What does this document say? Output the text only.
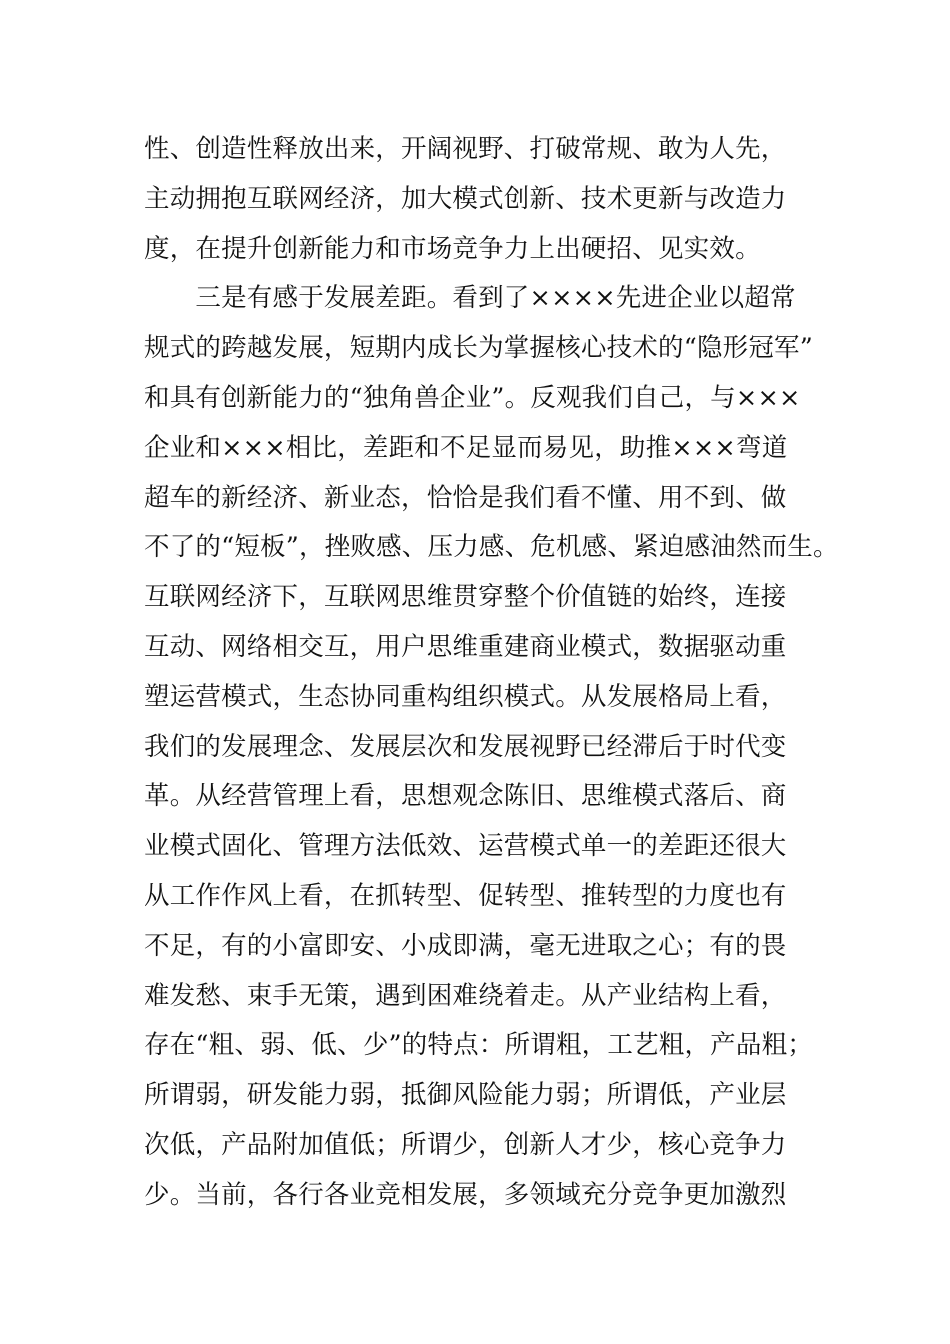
性、创造性释放出来，开阔视野、打破常规、敢为人先，
主动拥抱互联网经济，加大模式创新、技术更新与改造力
度，在提升创新能力和市场竞争力上出硬招、见实效。
　　三是有感于发展差距。看到了××××先进企业以超常
规式的跨越发展，短期内成长为掌握核心技术的“隐形冠军”
和具有创新能力的“独角兽企业”。反观我们自己，与×××
企业和×××相比，差距和不足显而易见，助推×××弯道
超车的新经济、新业态，恰恰是我们看不懂、用不到、做
不了的“短板”，挫败感、压力感、危机感、紧迫感油然而生。
互联网经济下，互联网思维贯穿整个价值链的始终，连接
互动、网络相交互，用户思维重建商业模式，数据驱动重
塑运营模式，生态协同重构组织模式。从发展格局上看，
我们的发展理念、发展层次和发展视野已经滞后于时代变
革。从经营管理上看，思想观念陈旧、思维模式落后、商
业模式固化、管理方法低效、运营模式单一的差距还很大
从工作作风上看，在抓转型、促转型、推转型的力度也有
不足，有的小富即安、小成即满，毫无进取之心；有的畏
难发愁、束手无策，遇到困难绕着走。从产业结构上看，
存在“粗、弱、低、少”的特点：所谓粗，工艺粗，产品粗；
所谓弱，研发能力弱，抵御风险能力弱；所谓低，产业层
次低，产品附加值低；所谓少，创新人才少，核心竞争力
少。当前，各行各业竞相发展，多领域充分竞争更加激烈
